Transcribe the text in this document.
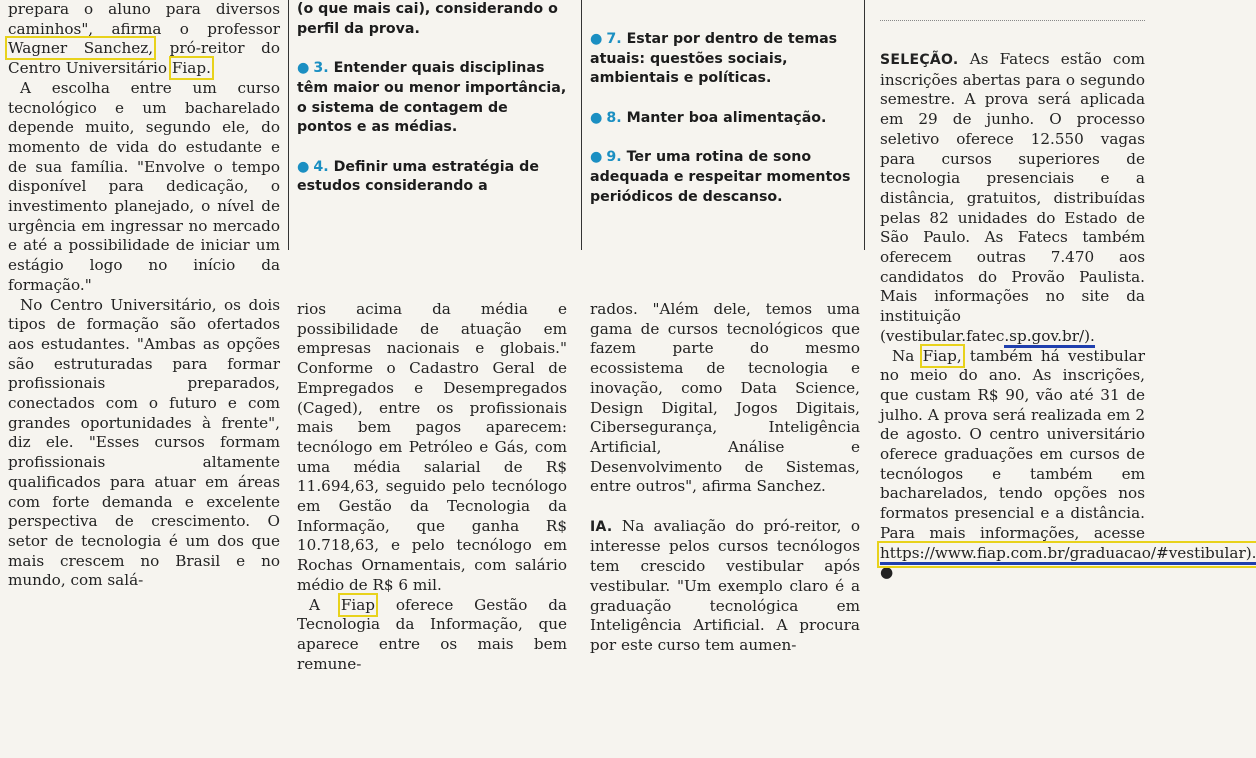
prepara o aluno para diversos caminhos", afirma o professor Wagner Sanchez, pró-reitor do Centro Universitário Fiap.

A escolha entre um curso tecnológico e um bacharelado depende muito, segundo ele, do momento de vida do estudante e de sua família. "Envolve o tempo disponível para dedicação, o investimento planejado, o nível de urgência em ingressar no mercado e até a possibilidade de iniciar um estágio logo no início da formação."

No Centro Universitário, os dois tipos de formação são ofertados aos estudantes. "Ambas as opções são estruturadas para formar profissionais preparados, conectados com o futuro e com grandes oportunidades à frente", diz ele. "Esses cursos formam profissionais altamente qualificados para atuar em áreas com forte demanda e excelente perspectiva de crescimento. O setor de tecnologia é um dos que mais crescem no Brasil e no mundo, com salá-

rios acima da média e possibilidade de atuação em empresas nacionais e globais." Conforme o Cadastro Geral de Empregados e Desempregados (Caged), entre os profissionais mais bem pagos aparecem: tecnólogo em Petróleo e Gás, com uma média salarial de R$ 11.694,63, seguido pelo tecnólogo em Gestão da Tecnologia da Informação, que ganha R$ 10.718,63, e pelo tecnólogo em Rochas Ornamentais, com salário médio de R$ 6 mil.

A Fiap oferece Gestão da Tecnologia da Informação, que aparece entre os mais bem remune-

(o que mais cai), considerando o perfil da prova.

● 3. Entender quais disciplinas têm maior ou menor importância, o sistema de contagem de pontos e as médias.

● 4. Definir uma estratégia de estudos considerando a

rados. "Além dele, temos uma gama de cursos tecnológicos que fazem parte do mesmo ecossistema de tecnologia e inovação, como Data Science, Design Digital, Jogos Digitais, Cibersegurança, Inteligência Artificial, Análise e Desenvolvimento de Sistemas, entre outros", afirma Sanchez.

IA. Na avaliação do pró-reitor, o interesse pelos cursos tecnólogos tem crescido vestibular após vestibular. "Um exemplo claro é a graduação tecnológica em Inteligência Artificial. A procura por este curso tem aumen-

● 7. Estar por dentro de temas atuais: questões sociais, ambientais e políticas.

● 8. Manter boa alimentação.

● 9. Ter uma rotina de sono adequada e respeitar momentos periódicos de descanso.

SELEÇÃO. As Fatecs estão com inscrições abertas para o segundo semestre. A prova será aplicada em 29 de junho. O processo seletivo oferece 12.550 vagas para cursos superiores de tecnologia presenciais e a distância, gratuitos, distribuídas pelas 82 unidades do Estado de São Paulo. As Fatecs também oferecem outras 7.470 aos candidatos do Provão Paulista. Mais informações no site da instituição (vestibular.fatec.sp.gov.br/).

Na Fiap, também há vestibular no meio do ano. As inscrições, que custam R$ 90, vão até 31 de julho. A prova será realizada em 2 de agosto. O centro universitário oferece graduações em cursos de tecnólogos e também em bacharelados, tendo opções nos formatos presencial e a distância. Para mais informações, acesse https://www.fiap.com.br/graduacao/#vestibular). ●
